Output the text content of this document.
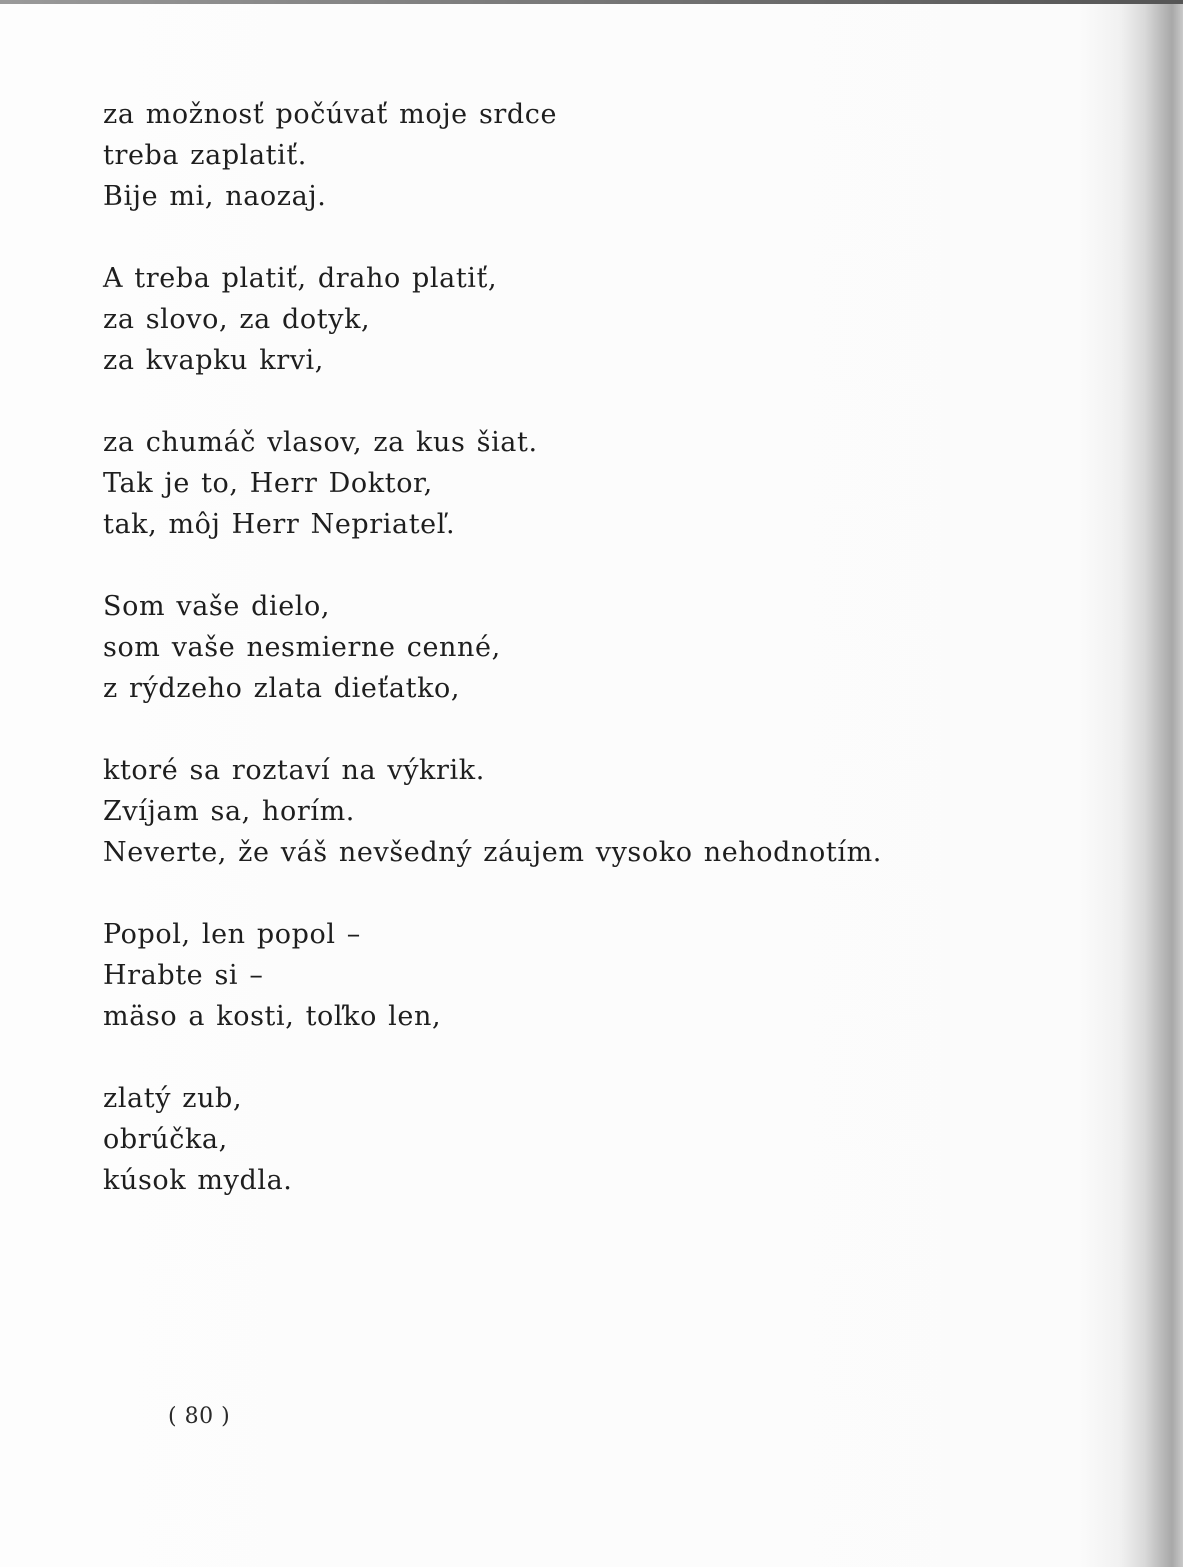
za možnosť počúvať moje srdce
treba zaplatiť.
Bije mi, naozaj.
A treba platiť, draho platiť,
za slovo, za dotyk,
za kvapku krvi,
za chumáč vlasov, za kus šiat.
Tak je to, Herr Doktor,
tak, môj Herr Nepriateľ.
Som vaše dielo,
som vaše nesmierne cenné,
z rýdzeho zlata dieťatko,
ktoré sa roztaví na výkrik.
Zvíjam sa, horím.
Neverte, že váš nevšedný záujem vysoko nehodnotím.
Popol, len popol –
Hrabte si –
mäso a kosti, toľko len,
zlatý zub,
obrúčka,
kúsok mydla.
( 80 )
